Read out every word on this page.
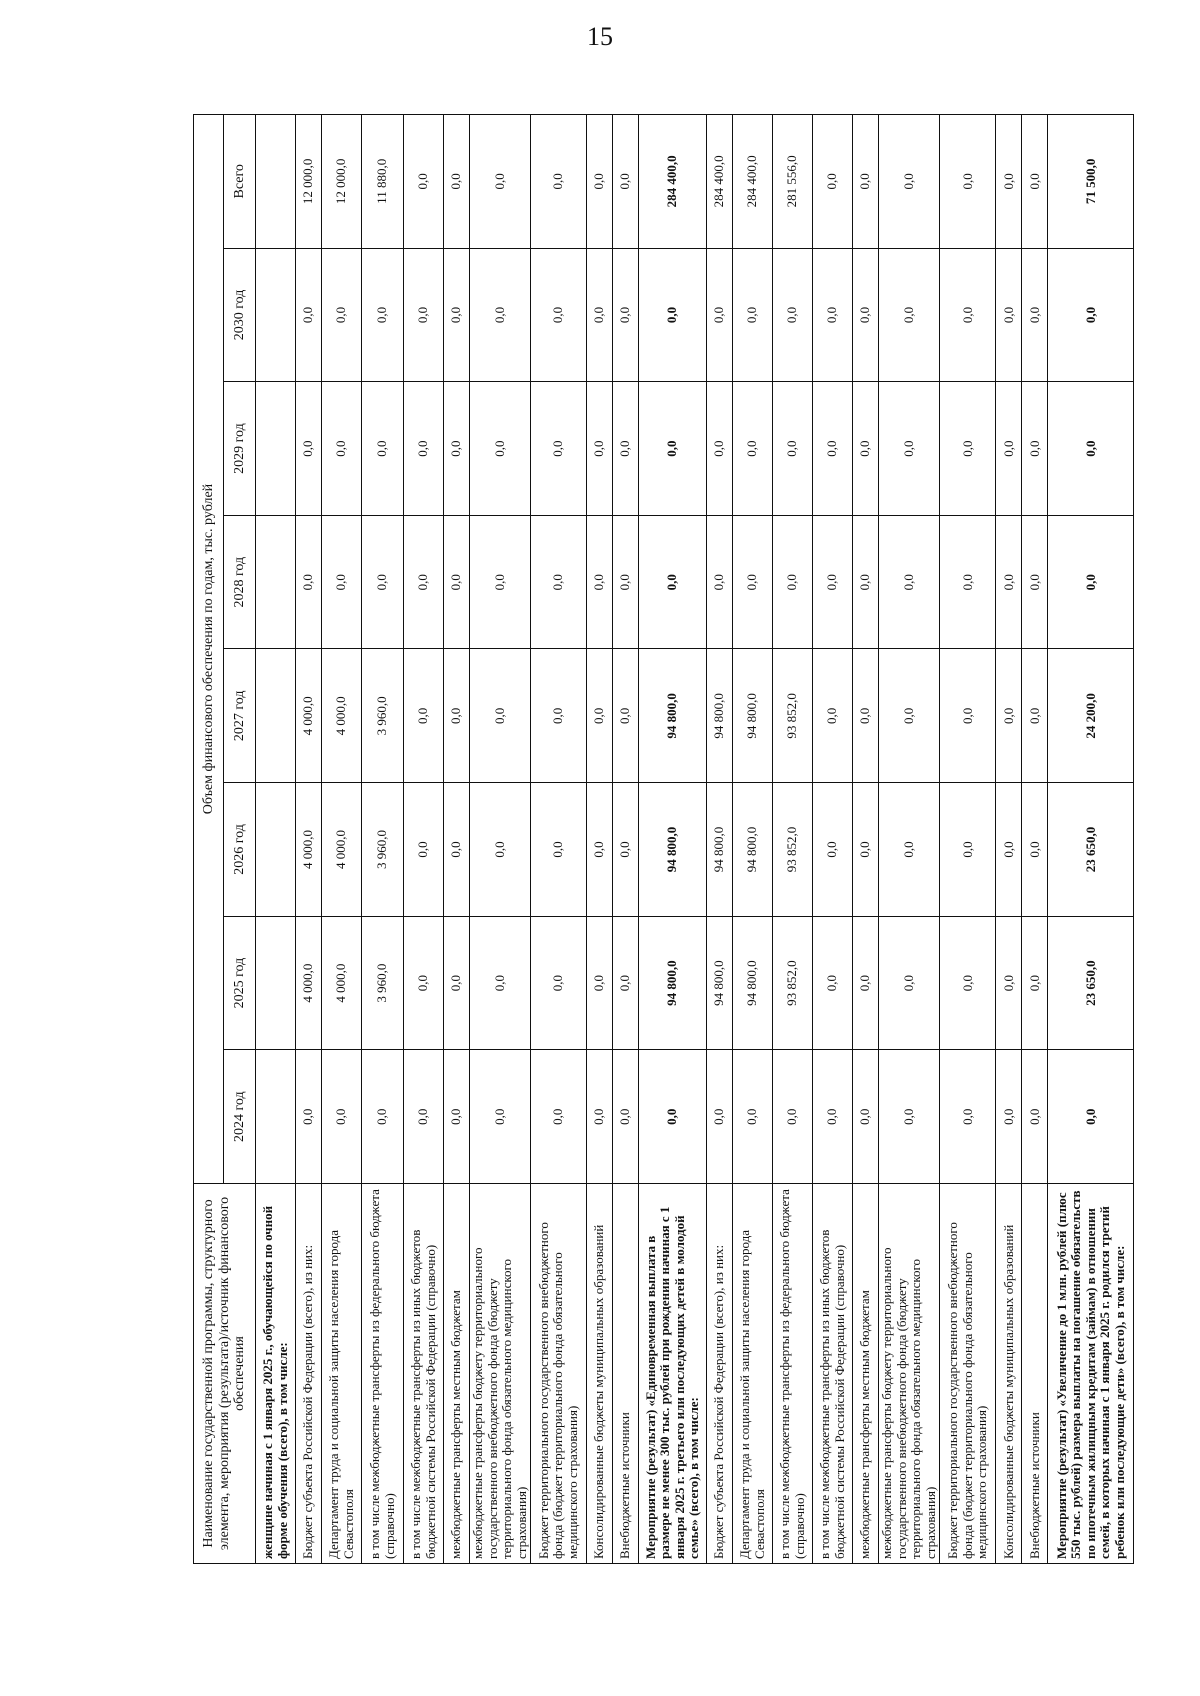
15
Наименование государственной программы, структурного элемента, мероприятия (результата)/источник финансового обеспечения	Объем финансового обеспечения по годам, тыс. рублей							
	2024 год	2025 год	2026 год	2027 год	2028 год	2029 год	2030 год	Всего
женщине начиная с 1 января 2025 г., обучающейся по очной форме обучения (всего), в том числе:								
Бюджет субъекта Российской Федерации (всего), из них:	0,0	4 000,0	4 000,0	4 000,0	0,0	0,0	0,0	12 000,0
Департамент труда и социальной защиты населения города Севастополя	0,0	4 000,0	4 000,0	4 000,0	0,0	0,0	0,0	12 000,0
в том числе межбюджетные трансферты из федерального бюджета (справочно)	0,0	3 960,0	3 960,0	3 960,0	0,0	0,0	0,0	11 880,0
в том числе межбюджетные трансферты из иных бюджетов бюджетной системы Российской Федерации (справочно)	0,0	0,0	0,0	0,0	0,0	0,0	0,0	0,0
межбюджетные трансферты местным бюджетам	0,0	0,0	0,0	0,0	0,0	0,0	0,0	0,0
межбюджетные трансферты бюджету территориального государственного внебюджетного фонда (бюджету территориального фонда обязательного медицинского страхования)	0,0	0,0	0,0	0,0	0,0	0,0	0,0	0,0
Бюджет территориального государственного внебюджетного фонда (бюджет территориального фонда обязательного медицинского страхования)	0,0	0,0	0,0	0,0	0,0	0,0	0,0	0,0
Консолидированные бюджеты муниципальных образований	0,0	0,0	0,0	0,0	0,0	0,0	0,0	0,0
Внебюджетные источники	0,0	0,0	0,0	0,0	0,0	0,0	0,0	0,0
Мероприятие (результат) «Единовременная выплата в размере не менее 300 тыс. рублей при рождении начиная с 1 января 2025 г. третьего или последующих детей в молодой семье» (всего), в том числе:	0,0	94 800,0	94 800,0	94 800,0	0,0	0,0	0,0	284 400,0
Бюджет субъекта Российской Федерации (всего), из них:	0,0	94 800,0	94 800,0	94 800,0	0,0	0,0	0,0	284 400,0
Департамент труда и социальной защиты населения города Севастополя	0,0	94 800,0	94 800,0	94 800,0	0,0	0,0	0,0	284 400,0
в том числе межбюджетные трансферты из федерального бюджета (справочно)	0,0	93 852,0	93 852,0	93 852,0	0,0	0,0	0,0	281 556,0
в том числе межбюджетные трансферты из иных бюджетов бюджетной системы Российской Федерации (справочно)	0,0	0,0	0,0	0,0	0,0	0,0	0,0	0,0
межбюджетные трансферты местным бюджетам	0,0	0,0	0,0	0,0	0,0	0,0	0,0	0,0
межбюджетные трансферты бюджету территориального государственного внебюджетного фонда (бюджету территориального фонда обязательного медицинского страхования)	0,0	0,0	0,0	0,0	0,0	0,0	0,0	0,0
Бюджет территориального государственного внебюджетного фонда (бюджет территориального фонда обязательного медицинского страхования)	0,0	0,0	0,0	0,0	0,0	0,0	0,0	0,0
Консолидированные бюджеты муниципальных образований	0,0	0,0	0,0	0,0	0,0	0,0	0,0	0,0
Внебюджетные источники	0,0	0,0	0,0	0,0	0,0	0,0	0,0	0,0
Мероприятие (результат) «Увеличение до 1 млн. рублей (плюс 550 тыс. рублей) размера выплаты на погашение обязательств по ипотечным жилищным кредитам (займам) в отношении семей, в которых начиная с 1 января 2025 г. родился третий ребенок или последующие дети» (всего), в том числе:	0,0	23 650,0	23 650,0	24 200,0	0,0	0,0	0,0	71 500,0
